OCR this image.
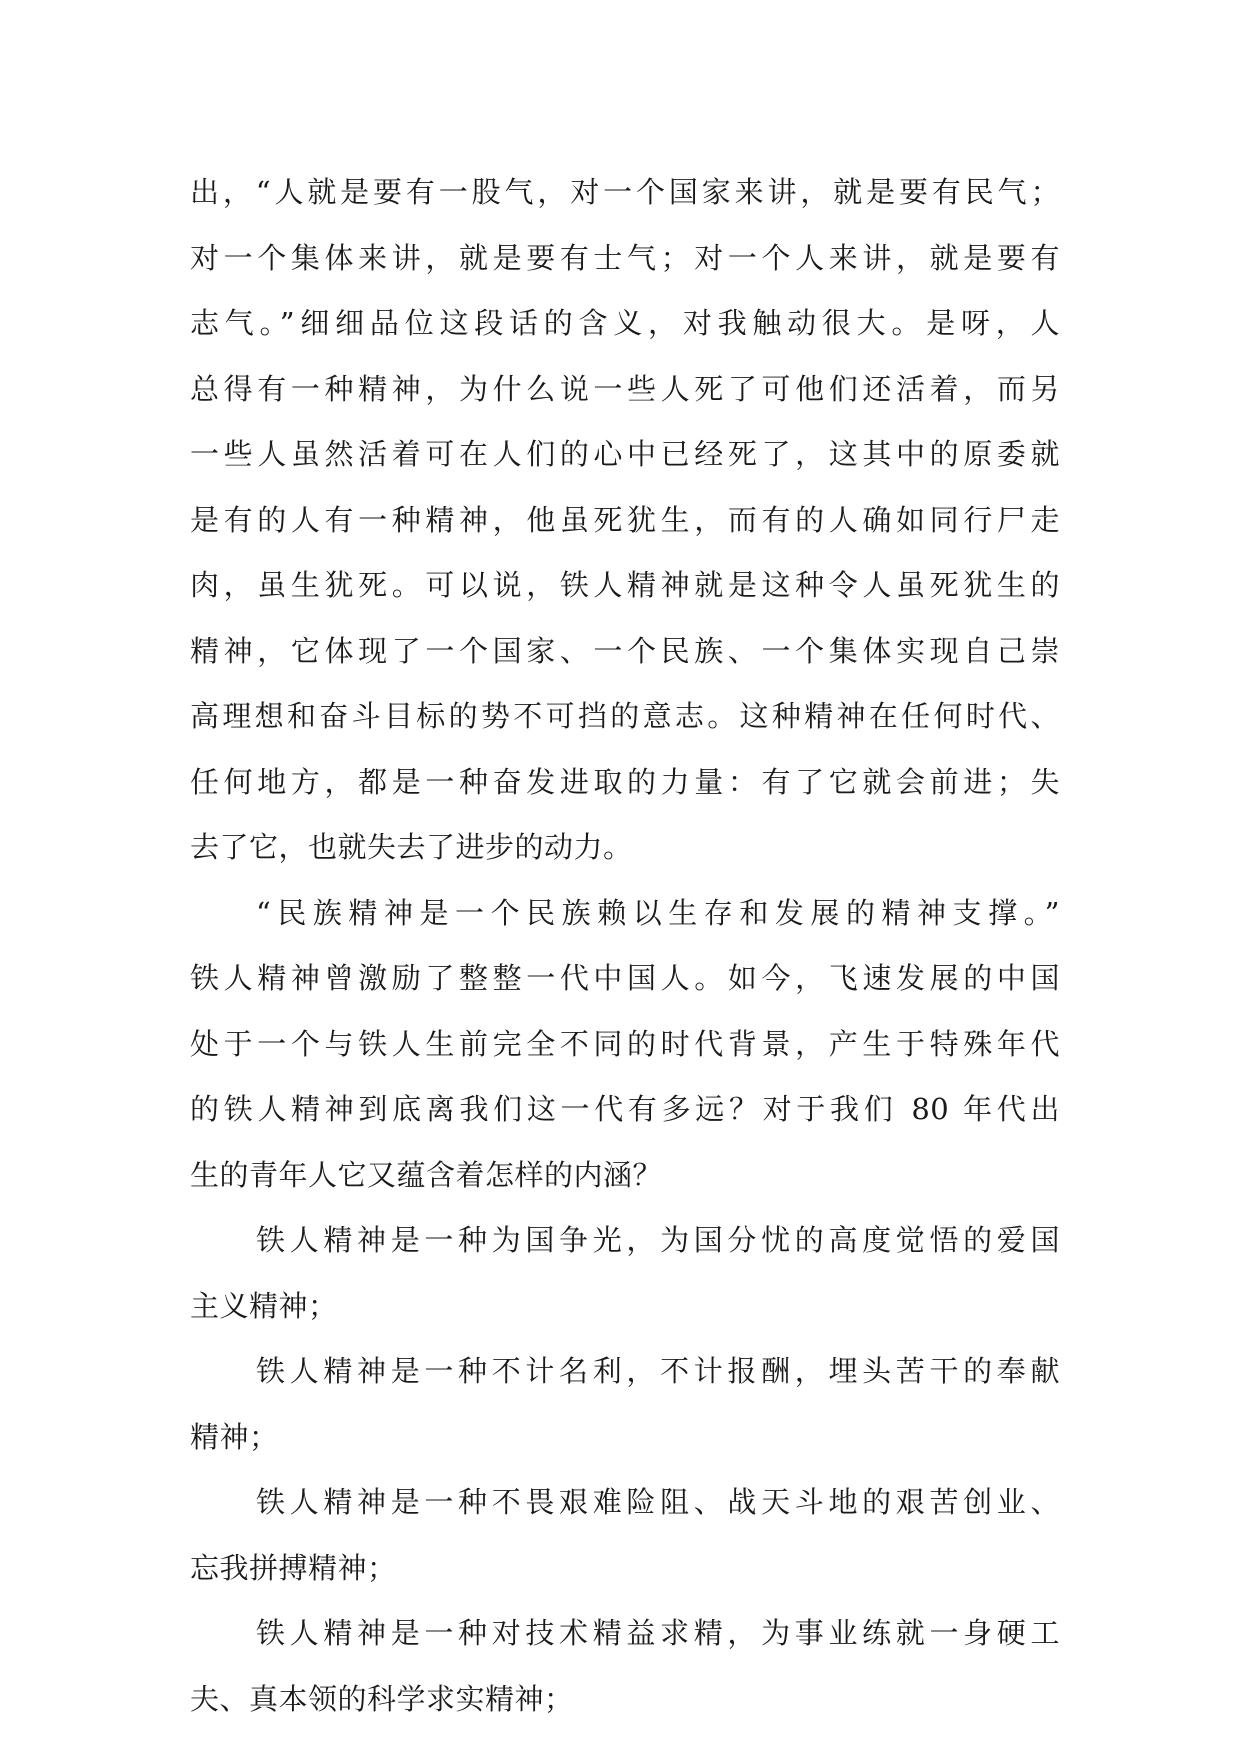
出，“人就是要有一股气，对一个国家来讲，就是要有民气；
对一个集体来讲，就是要有士气；对一个人来讲，就是要有
志气。”细细品位这段话的含义，对我触动很大。是呀，人
总得有一种精神，为什么说一些人死了可他们还活着，而另
一些人虽然活着可在人们的心中已经死了，这其中的原委就
是有的人有一种精神，他虽死犹生，而有的人确如同行尸走
肉，虽生犹死。可以说，铁人精神就是这种令人虽死犹生的
精神，它体现了一个国家、一个民族、一个集体实现自己崇
高理想和奋斗目标的势不可挡的意志。这种精神在任何时代、
任何地方，都是一种奋发进取的力量：有了它就会前进；失
去了它，也就失去了进步的动力。
“民族精神是一个民族赖以生存和发展的精神支撑。”
铁人精神曾激励了整整一代中国人。如今，飞速发展的中国
处于一个与铁人生前完全不同的时代背景，产生于特殊年代
的铁人精神到底离我们这一代有多远？对于我们 80 年代出
生的青年人它又蕴含着怎样的内涵？
铁人精神是一种为国争光，为国分忧的高度觉悟的爱国
主义精神；
铁人精神是一种不计名利，不计报酬，埋头苦干的奉献
精神；
铁人精神是一种不畏艰难险阻、战天斗地的艰苦创业、
忘我拼搏精神；
铁人精神是一种对技术精益求精，为事业练就一身硬工
夫、真本领的科学求实精神；
